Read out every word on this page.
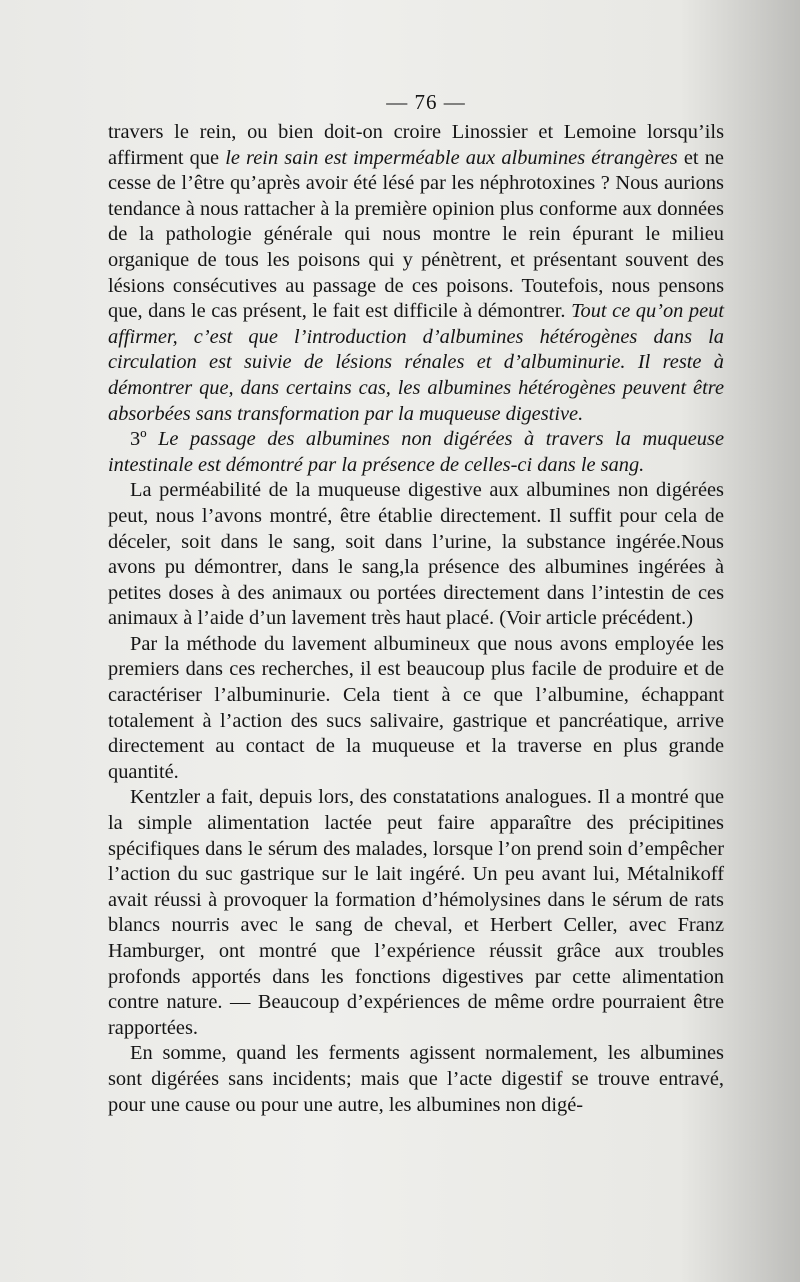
— 76 —

travers le rein, ou bien doit-on croire Linossier et Lemoine lorsqu’ils affirment que le rein sain est imperméable aux albumines étrangères et ne cesse de l’être qu’après avoir été lésé par les néphrotoxines ? Nous aurions tendance à nous rattacher à la première opinion plus conforme aux données de la pathologie générale qui nous montre le rein épurant le milieu organique de tous les poisons qui y pénètrent, et présentant souvent des lésions consécutives au passage de ces poisons. Toutefois, nous pensons que, dans le cas présent, le fait est difficile à démontrer. Tout ce qu’on peut affirmer, c’est que l’introduction d’albumines hétérogènes dans la circulation est suivie de lésions rénales et d’albuminurie. Il reste à démontrer que, dans certains cas, les albumines hétérogènes peuvent être absorbées sans transformation par la muqueuse digestive.

3º Le passage des albumines non digérées à travers la muqueuse intestinale est démontré par la présence de celles-ci dans le sang.

La perméabilité de la muqueuse digestive aux albumines non digérées peut, nous l’avons montré, être établie directement. Il suffit pour cela de déceler, soit dans le sang, soit dans l’urine, la substance ingérée.Nous avons pu démontrer, dans le sang,la présence des albumines ingérées à petites doses à des animaux ou portées directement dans l’intestin de ces animaux à l’aide d’un lavement très haut placé. (Voir article précédent.)

Par la méthode du lavement albumineux que nous avons employée les premiers dans ces recherches, il est beaucoup plus facile de produire et de caractériser l’albuminurie. Cela tient à ce que l’albumine, échappant totalement à l’action des sucs salivaire, gastrique et pancréatique, arrive directement au contact de la muqueuse et la traverse en plus grande quantité.

Kentzler a fait, depuis lors, des constatations analogues. Il a montré que la simple alimentation lactée peut faire apparaître des précipitines spécifiques dans le sérum des malades, lorsque l’on prend soin d’empêcher l’action du suc gastrique sur le lait ingéré. Un peu avant lui, Métalnikoff avait réussi à provoquer la formation d’hémolysines dans le sérum de rats blancs nourris avec le sang de cheval, et Herbert Celler, avec Franz Hamburger, ont montré que l’expérience réussit grâce aux troubles profonds apportés dans les fonctions digestives par cette alimentation contre nature. — Beaucoup d’expériences de même ordre pourraient être rapportées.

En somme, quand les ferments agissent normalement, les albumines sont digérées sans incidents; mais que l’acte digestif se trouve entravé, pour une cause ou pour une autre, les albumines non digé-
